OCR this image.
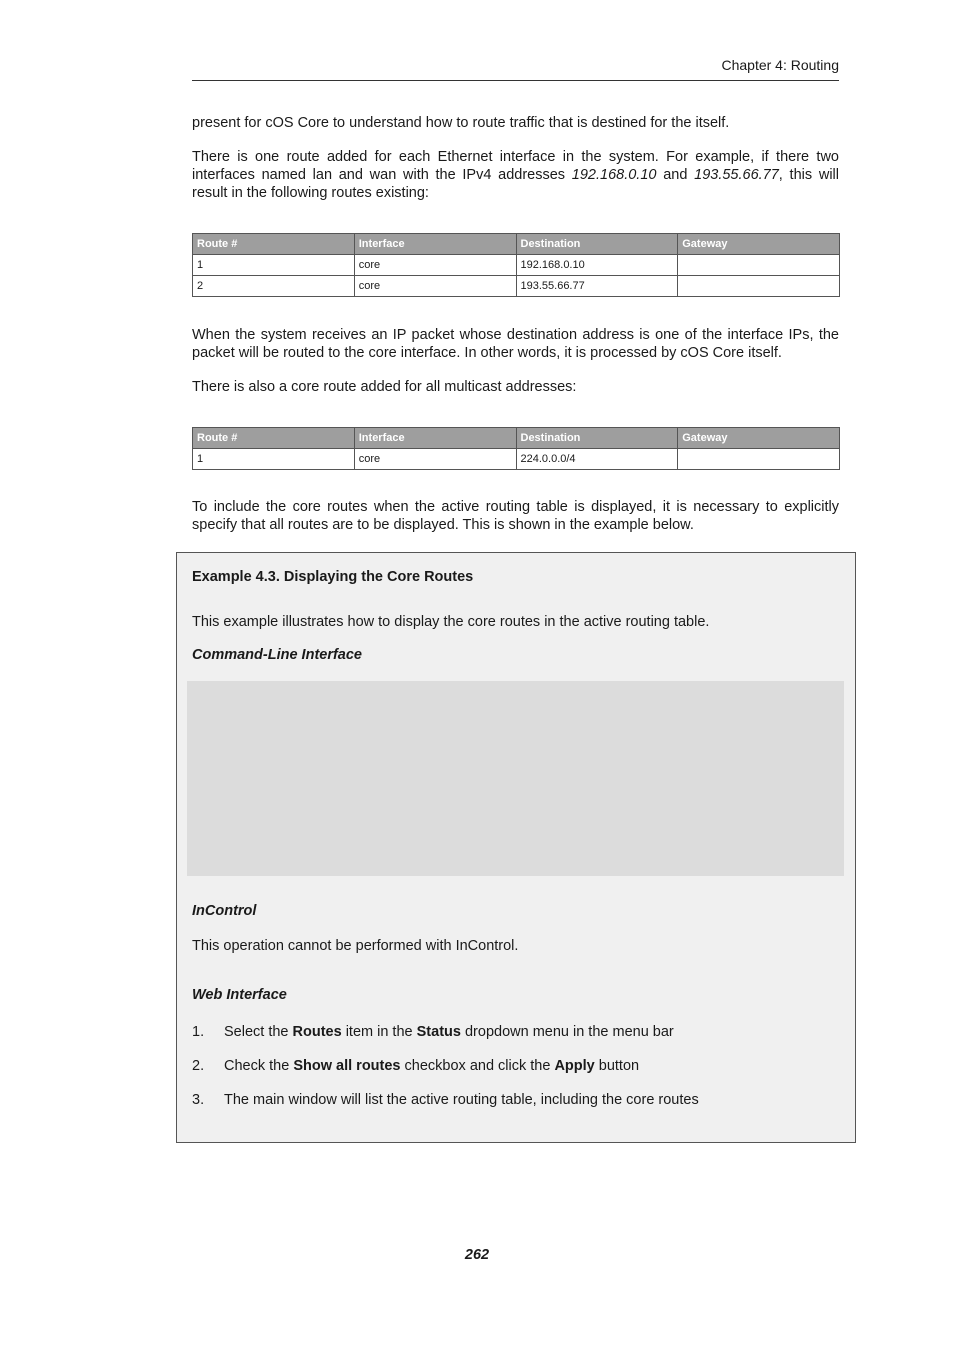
Chapter 4: Routing
present for cOS Core to understand how to route traffic that is destined for the itself.
There is one route added for each Ethernet interface in the system. For example, if there two interfaces named lan and wan with the IPv4 addresses 192.168.0.10 and 193.55.66.77, this will result in the following routes existing:
Route #	Interface	Destination	Gateway
1	core	192.168.0.10	
2	core	193.55.66.77	
When the system receives an IP packet whose destination address is one of the interface IPs, the packet will be routed to the core interface. In other words, it is processed by cOS Core itself.
There is also a core route added for all multicast addresses:
Route #	Interface	Destination	Gateway
1	core	224.0.0.0/4	
To include the core routes when the active routing table is displayed, it is necessary to explicitly specify that all routes are to be displayed. This is shown in the example below.
Example 4.3. Displaying the Core Routes
This example illustrates how to display the core routes in the active routing table.
Command-Line Interface
InControl
This operation cannot be performed with InControl.
Web Interface
1. Select the Routes item in the Status dropdown menu in the menu bar
2. Check the Show all routes checkbox and click the Apply button
3. The main window will list the active routing table, including the core routes
262
